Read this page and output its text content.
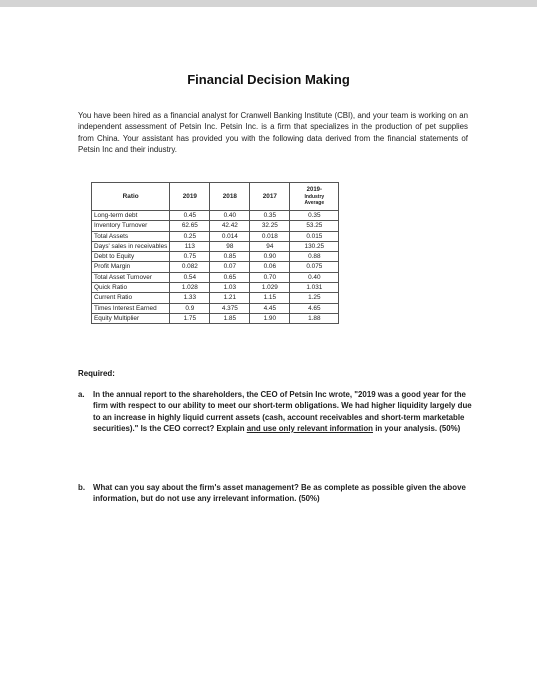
Financial Decision Making
You have been hired as a financial analyst for Cranwell Banking Institute (CBI), and your team is working on an independent assessment of Petsin Inc. Petsin Inc. is a firm that specializes in the production of pet supplies from China. Your assistant has provided you with the following data derived from the financial statements of Petsin Inc and their industry.
Ratio	2019	2018	2017	2019-
Industry
Average

Long-term debt	0.45	0.40	0.35	0.35
Inventory Turnover	62.65	42.42	32.25	53.25
Total Assets	0.25	0.014	0.018	0.015
Days' sales in receivables	113	98	94	130.25
Debt to Equity	0.75	0.85	0.90	0.88
Profit Margin	0.082	0.07	0.06	0.075
Total Asset Turnover	0.54	0.65	0.70	0.40
Quick Ratio	1.028	1.03	1.029	1.031
Current Ratio	1.33	1.21	1.15	1.25
Times Interest Earned	0.9	4.375	4.45	4.65
Equity Multiplier	1.75	1.85	1.90	1.88
Required:
a. In the annual report to the shareholders, the CEO of Petsin Inc wrote, "2019 was a good year for the firm with respect to our ability to meet our short-term obligations. We had higher liquidity largely due to an increase in highly liquid current assets (cash, account receivables and short-term marketable securities)." Is the CEO correct? Explain and use only relevant information in your analysis. (50%)
b. What can you say about the firm's asset management? Be as complete as possible given the above information, but do not use any irrelevant information. (50%)
